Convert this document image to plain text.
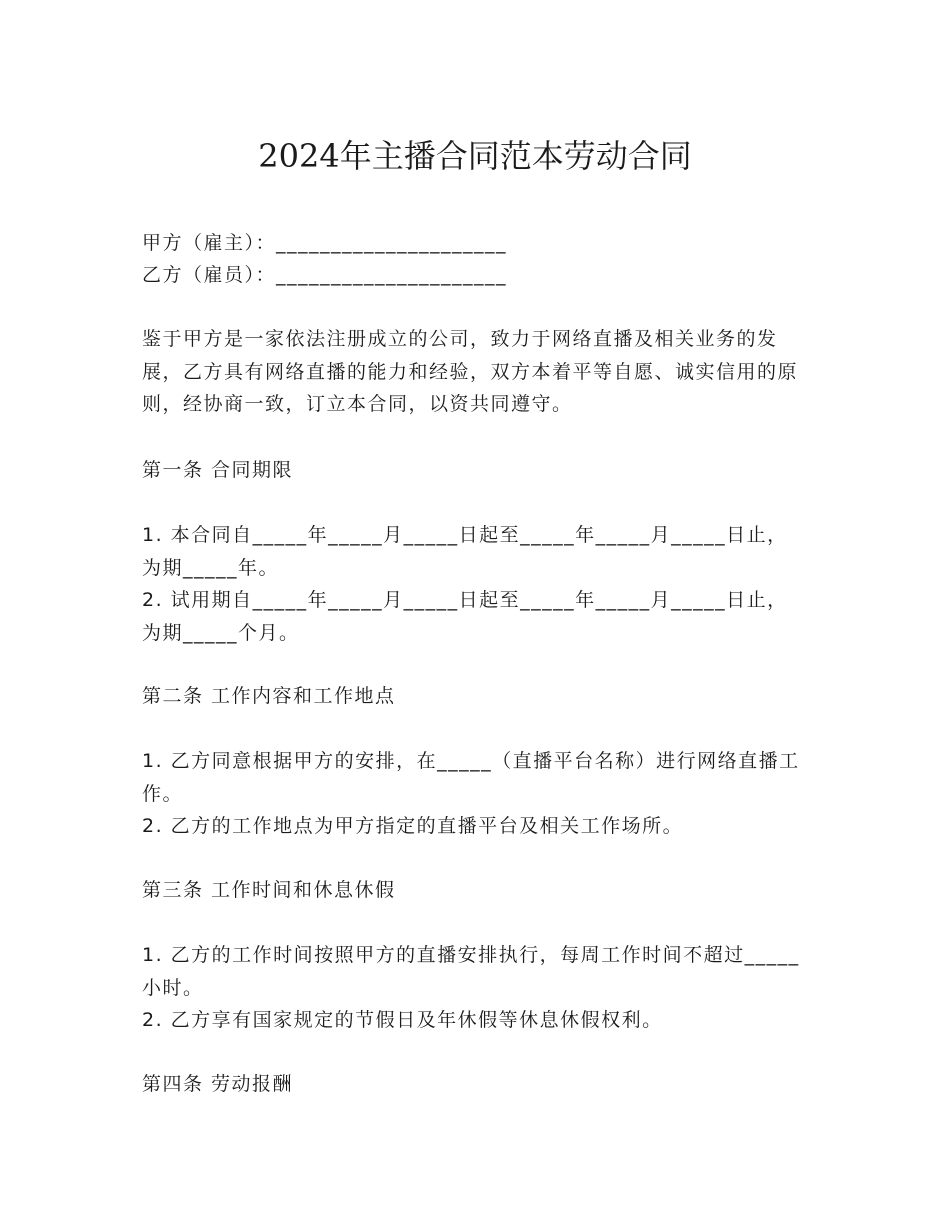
2024年主播合同范本劳动合同
甲方（雇主）：_____________________
乙方（雇员）：_____________________
鉴于甲方是一家依法注册成立的公司，致力于网络直播及相关业务的发展，乙方具有网络直播的能力和经验，双方本着平等自愿、诚实信用的原则，经协商一致，订立本合同，以资共同遵守。
第一条 合同期限
1. 本合同自_____年_____月_____日起至_____年_____月_____日止，为期_____年。
2. 试用期自_____年_____月_____日起至_____年_____月_____日止，为期_____个月。
第二条 工作内容和工作地点
1. 乙方同意根据甲方的安排，在_____（直播平台名称）进行网络直播工作。
2. 乙方的工作地点为甲方指定的直播平台及相关工作场所。
第三条 工作时间和休息休假
1. 乙方的工作时间按照甲方的直播安排执行，每周工作时间不超过_____小时。
2. 乙方享有国家规定的节假日及年休假等休息休假权利。
第四条 劳动报酬
